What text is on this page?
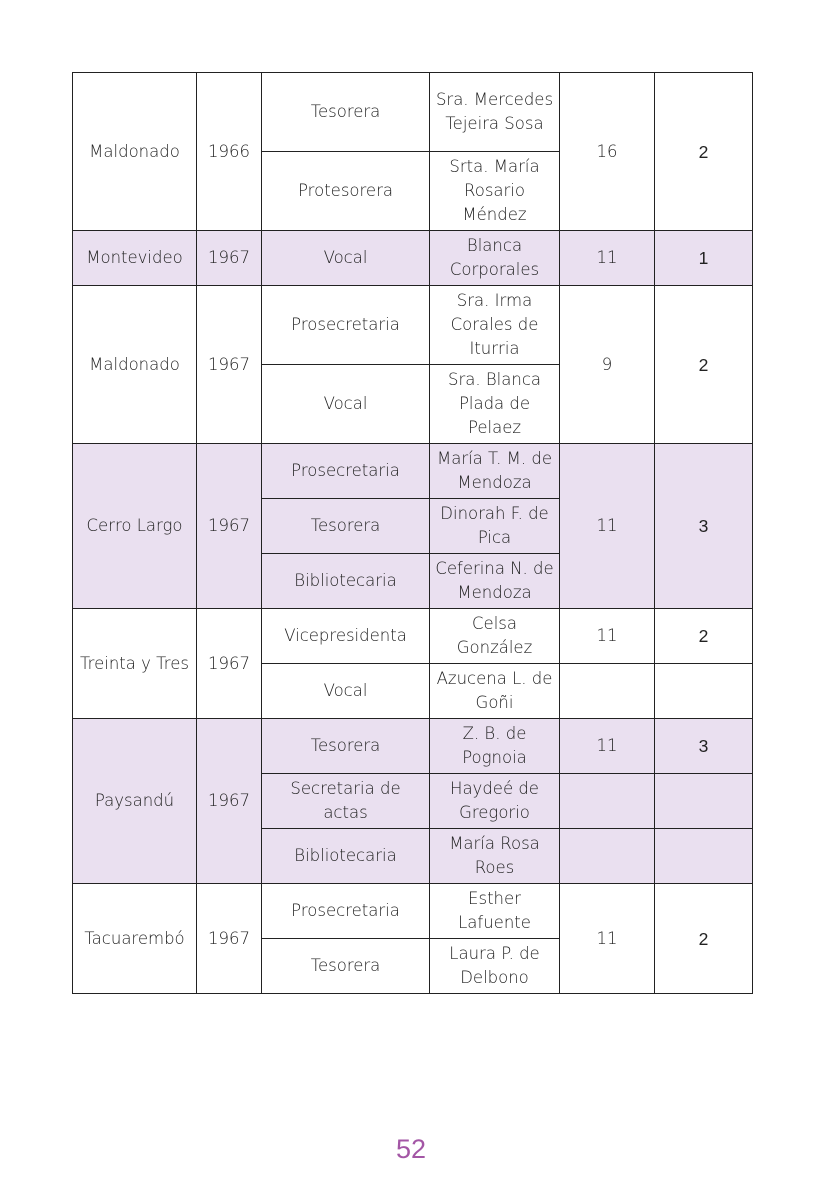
Maldonado	1966	Tesorera	Sra. Mercedes Tejeira Sosa	16	2
		Protesorera	Srta. María Rosario Méndez		
Montevideo	1967	Vocal	Blanca Corporales	11	1
Maldonado	1967	Prosecretaria	Sra. Irma Corales de Iturria	9	2
		Vocal	Sra. Blanca Plada de Pelaez		
Cerro Largo	1967	Prosecretaria	María T. M. de Mendoza	11	3
		Tesorera	Dinorah F. de Pica		
		Bibliotecaria	Ceferina N. de Mendoza		
Treinta y Tres	1967	Vicepresidenta	Celsa González	11	2
		Vocal	Azucena L. de Goñi		
Paysandú	1967	Tesorera	Z. B. de Pognoia	11	3
		Secretaria de actas	Haydeé de Gregorio		
		Bibliotecaria	María Rosa Roes		
Tacuarembó	1967	Prosecretaria	Esther Lafuente	11	2
		Tesorera	Laura P. de Delbono		
52
